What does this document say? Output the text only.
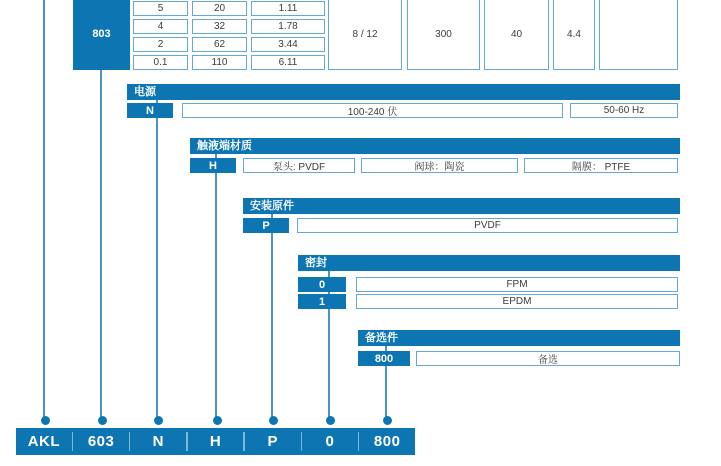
803
5	20	1.11
4	32	1.78
2	62	3.44
0.1	110	6.11
8 / 12	300	40	4.4
电源
N	100-240 伏	50-60 Hz
触液端材质
H	泵头: PVDF	阀球：陶瓷	隔膜： PTFE
安装原件
P	PVDF
密封
0	FPM
1	EPDM
备选件
800	备选
AKL	603	N	H	P	0	800
